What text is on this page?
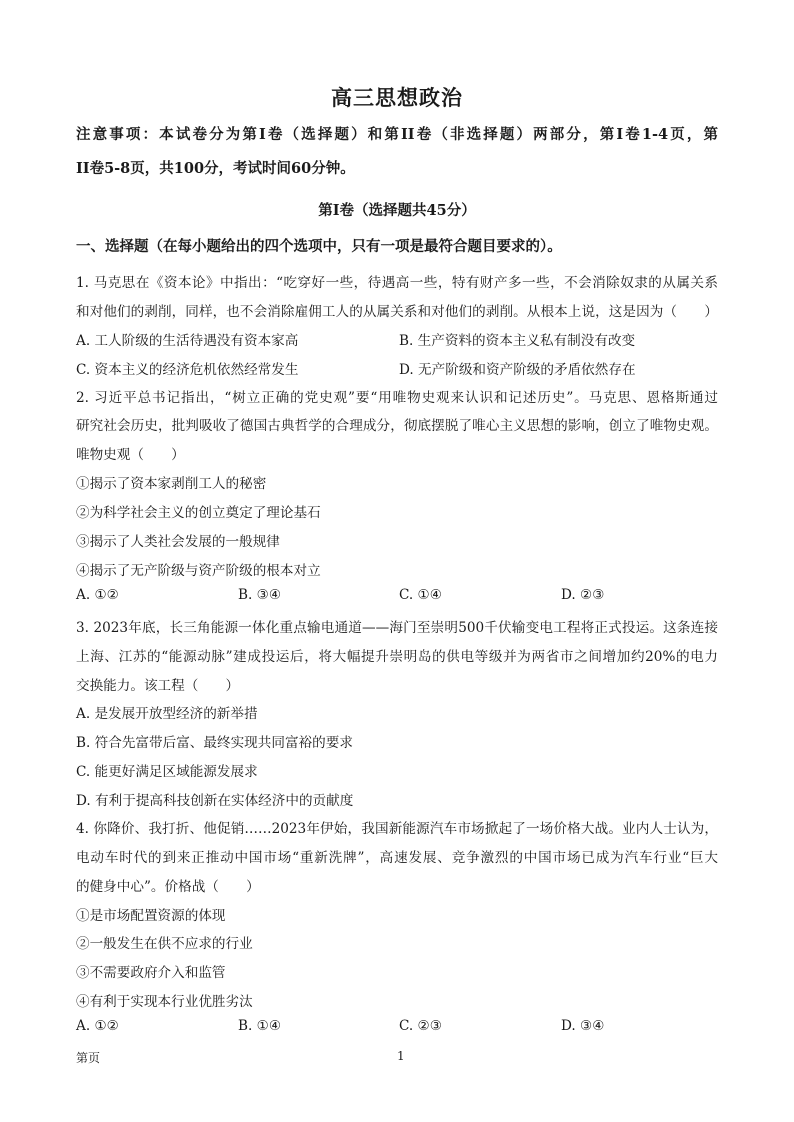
高三思想政治
注意事项：本试卷分为第Ⅰ卷（选择题）和第II卷（非选择题）两部分，第Ⅰ卷1-4页，第
II卷5-8页，共100分，考试时间60分钟。
第Ⅰ卷（选择题共45分）
一、选择题（在每小题给出的四个选项中，只有一项是最符合题目要求的）。
1. 马克思在《资本论》中指出：“吃穿好一些，待遇高一些，特有财产多一些，不会消除奴隶的从属关系
和对他们的剥削，同样，也不会消除雇佣工人的从属关系和对他们的剥削。从根本上说，这是因为（　　）
A. 工人阶级的生活待遇没有资本家高	B. 生产资料的资本主义私有制没有改变
C. 资本主义的经济危机依然经常发生	D. 无产阶级和资产阶级的矛盾依然存在
2. 习近平总书记指出，“树立正确的党史观”要“用唯物史观来认识和记述历史”。马克思、恩格斯通过
研究社会历史，批判吸收了德国古典哲学的合理成分，彻底摆脱了唯心主义思想的影响，创立了唯物史观。
唯物史观（　　）
①揭示了资本家剥削工人的秘密
②为科学社会主义的创立奠定了理论基石
③揭示了人类社会发展的一般规律
④揭示了无产阶级与资产阶级的根本对立
A. ①②	B. ③④	C. ①④	D. ②③
3. 2023年底，长三角能源一体化重点输电通道——海门至崇明500千伏输变电工程将正式投运。这条连接
上海、江苏的“能源动脉”建成投运后，将大幅提升崇明岛的供电等级并为两省市之间增加约20%的电力
交换能力。该工程（　　）
A. 是发展开放型经济的新举措
B. 符合先富带后富、最终实现共同富裕的要求
C. 能更好满足区域能源发展求
D. 有利于提高科技创新在实体经济中的贡献度
4. 你降价、我打折、他促销……2023年伊始，我国新能源汽车市场掀起了一场价格大战。业内人士认为，
电动车时代的到来正推动中国市场“重新洗牌”，高速发展、竞争激烈的中国市场已成为汽车行业“巨大
的健身中心”。价格战（　　）
①是市场配置资源的体现
②一般发生在供不应求的行业
③不需要政府介入和监管
④有利于实现本行业优胜劣汰
A. ①②	B. ①④	C. ②③	D. ③④
第页	1
